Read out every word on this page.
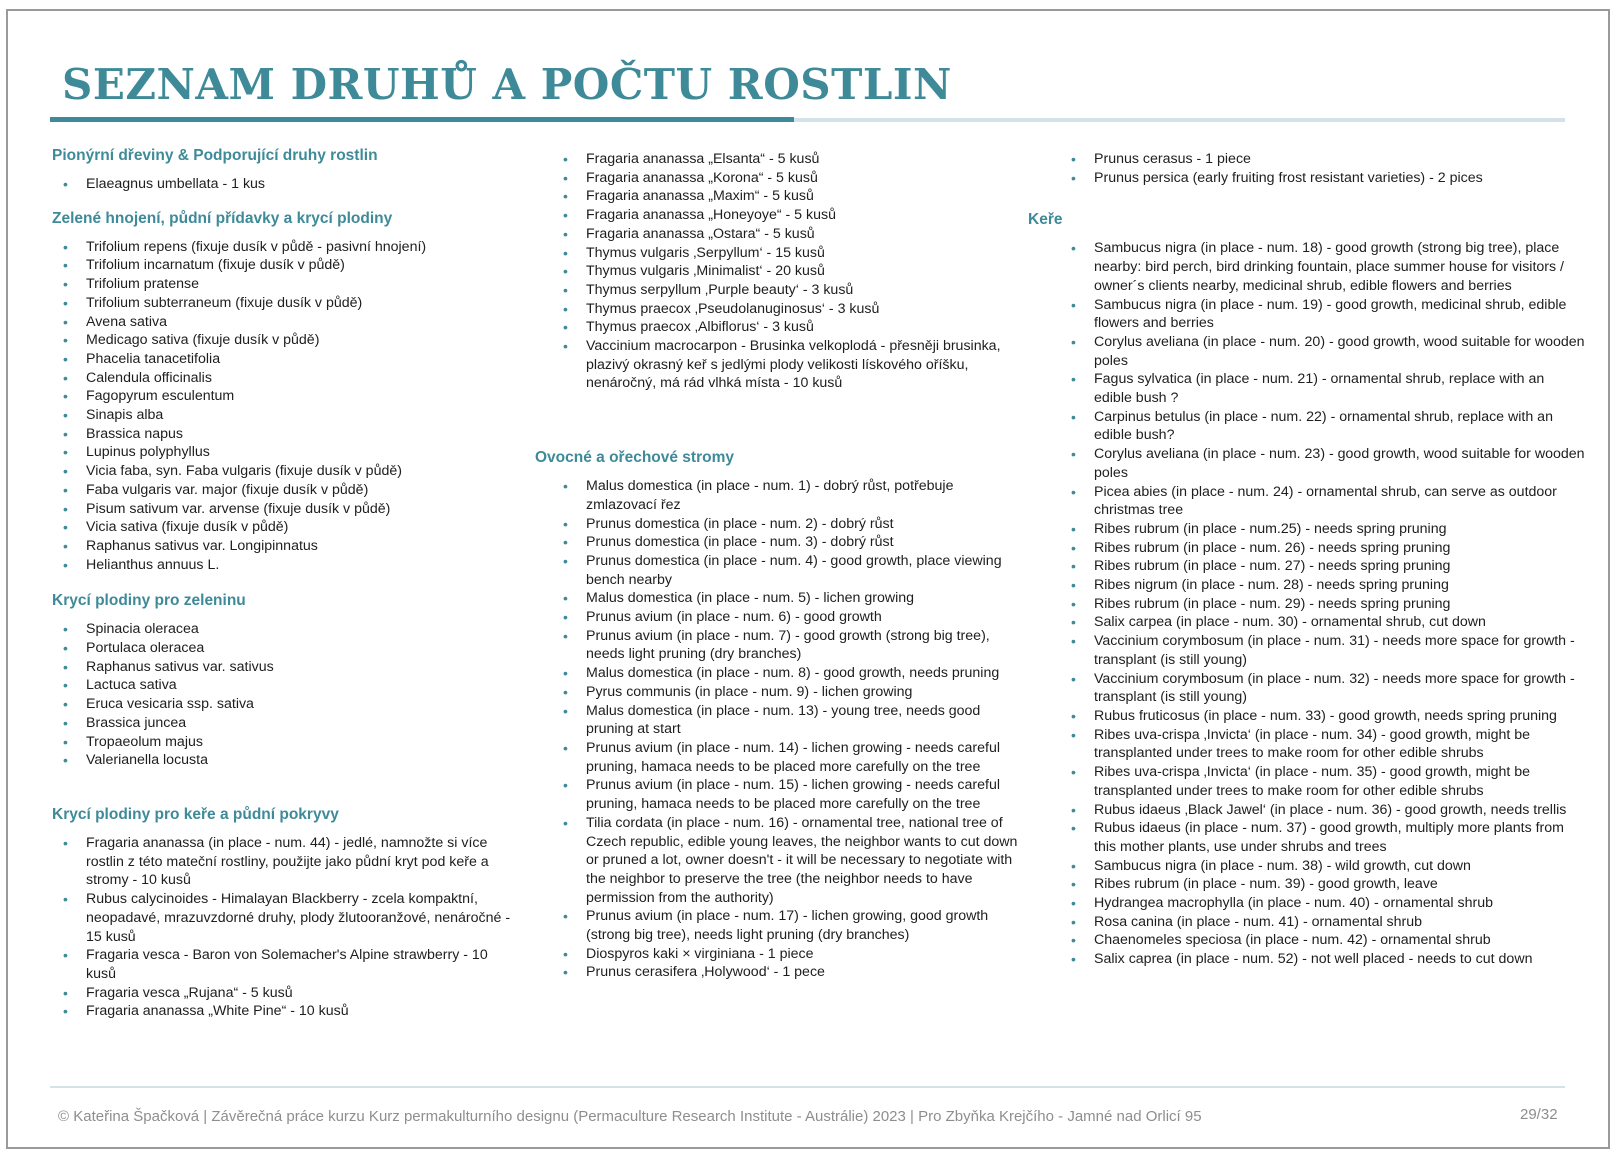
SEZNAM DRUHŮ A POČTU ROSTLIN
Pionýrní dřeviny & Podporující druhy rostlin
• Elaeagnus umbellata - 1 kus
Zelené hnojení, půdní přídavky a krycí plodiny
• Trifolium repens (fixuje dusík v půdě - pasivní hnojení)
• Trifolium incarnatum (fixuje dusík v půdě)
• Trifolium pratense
• Trifolium subterraneum (fixuje dusík v půdě)
• Avena sativa
• Medicago sativa (fixuje dusík v půdě)
• Phacelia tanacetifolia
• Calendula officinalis
• Fagopyrum esculentum
• Sinapis alba
• Brassica napus
• Lupinus polyphyllus
• Vicia faba, syn. Faba vulgaris (fixuje dusík v půdě)
• Faba vulgaris var. major (fixuje dusík v půdě)
• Pisum sativum var. arvense (fixuje dusík v půdě)
• Vicia sativa (fixuje dusík v půdě)
• Raphanus sativus var. Longipinnatus
• Helianthus annuus L.
Krycí plodiny pro zeleninu
• Spinacia oleracea
• Portulaca oleracea
• Raphanus sativus var. sativus
• Lactuca sativa
• Eruca vesicaria ssp. sativa
• Brassica juncea
• Tropaeolum majus
• Valerianella locusta
Krycí plodiny pro keře a půdní pokryvy
• Fragaria ananassa (in place - num. 44) - jedlé, namnožte si více rostlin z této mateční rostliny, použijte jako půdní kryt pod keře a stromy - 10 kusů
• Rubus calycinoides - Himalayan Blackberry - zcela kompaktní, neopadavé, mrazuvzdorné druhy, plody žlutooranžové, nenáročné - 15 kusů
• Fragaria vesca - Baron von Solemacher's Alpine strawberry - 10 kusů
• Fragaria vesca „Rujana“ - 5 kusů
• Fragaria ananassa „White Pine“ - 10 kusů
• Fragaria ananassa „Elsanta“ - 5 kusů
• Fragaria ananassa „Korona“ - 5 kusů
• Fragaria ananassa „Maxim“ - 5 kusů
• Fragaria ananassa „Honeyoye“ - 5 kusů
• Fragaria ananassa „Ostara“ - 5 kusů
• Thymus vulgaris ‚Serpyllum‘ - 15 kusů
• Thymus vulgaris ‚Minimalist‘ - 20 kusů
• Thymus serpyllum ‚Purple beauty‘ - 3 kusů
• Thymus praecox ‚Pseudolanuginosus‘ - 3 kusů
• Thymus praecox ‚Albiflorus‘ - 3 kusů
• Vaccinium macrocarpon - Brusinka velkoplodá - přesněji brusinka, plazivý okrasný keř s jedlými plody velikosti lískového oříšku, nenáročný, má rád vlhká místa - 10 kusů
Ovocné a ořechové stromy
• Malus domestica (in place - num. 1) - dobrý růst, potřebuje zmlazovací řez
• Prunus domestica (in place - num. 2) - dobrý růst
• Prunus domestica (in place - num. 3) - dobrý růst
• Prunus domestica (in place - num. 4) - good growth, place viewing bench nearby
• Malus domestica (in place - num. 5) - lichen growing
• Prunus avium (in place - num. 6) - good growth
• Prunus avium (in place - num. 7) - good growth (strong big tree), needs light pruning (dry branches)
• Malus domestica (in place - num. 8) - good growth, needs pruning
• Pyrus communis (in place - num. 9) - lichen growing
• Malus domestica (in place - num. 13) - young tree, needs good pruning at start
• Prunus avium (in place - num. 14) - lichen growing - needs careful pruning, hamaca needs to be placed more carefully on the tree
• Prunus avium (in place - num. 15) - lichen growing - needs careful pruning, hamaca needs to be placed more carefully on the tree
• Tilia cordata (in place - num. 16) - ornamental tree, national tree of Czech republic, edible young leaves, the neighbor wants to cut down or pruned a lot, owner doesn't - it will be necessary to negotiate with the neighbor to preserve the tree (the neighbor needs to have permission from the authority)
• Prunus avium (in place - num. 17) - lichen growing, good growth (strong big tree), needs light pruning (dry branches)
• Diospyros kaki × virginiana - 1 piece
• Prunus cerasifera ‚Holywood‘ - 1 pece
• Prunus cerasus - 1 piece
• Prunus persica (early fruiting frost resistant varieties) - 2 pices
Keře
• Sambucus nigra (in place - num. 18) - good growth (strong big tree), place nearby: bird perch, bird drinking fountain, place summer house for visitors / owner´s clients nearby, medicinal shrub, edible flowers and berries
• Sambucus nigra (in place - num. 19) - good growth, medicinal shrub, edible flowers and berries
• Corylus aveliana (in place - num. 20) - good growth, wood suitable for wooden poles
• Fagus sylvatica (in place - num. 21) - ornamental shrub, replace with an edible bush ?
• Carpinus betulus (in place - num. 22) - ornamental shrub, replace with an edible bush?
• Corylus aveliana (in place - num. 23) - good growth, wood suitable for wooden poles
• Picea abies (in place - num. 24) - ornamental shrub, can serve as outdoor christmas tree
• Ribes rubrum (in place - num.25) - needs spring pruning
• Ribes rubrum (in place - num. 26) - needs spring pruning
• Ribes rubrum (in place - num. 27) - needs spring pruning
• Ribes nigrum (in place - num. 28) - needs spring pruning
• Ribes rubrum (in place - num. 29) - needs spring pruning
• Salix carpea (in place - num. 30) - ornamental shrub, cut down
• Vaccinium corymbosum (in place - num. 31) - needs more space for growth - transplant (is still young)
• Vaccinium corymbosum (in place - num. 32) - needs more space for growth - transplant (is still young)
• Rubus fruticosus (in place - num. 33) - good growth, needs spring pruning
• Ribes uva-crispa ‚Invicta‘ (in place - num. 34) - good growth, might be transplanted under trees to make room for other edible shrubs
• Ribes uva-crispa ‚Invicta‘ (in place - num. 35) - good growth, might be transplanted under trees to make room for other edible shrubs
• Rubus idaeus ‚Black Jawel‘ (in place - num. 36) - good growth, needs trellis
• Rubus idaeus (in place - num. 37) - good growth, multiply more plants from this mother plants, use under shrubs and trees
• Sambucus nigra (in place - num. 38) - wild growth, cut down
• Ribes rubrum (in place - num. 39) - good growth, leave
• Hydrangea macrophylla (in place - num. 40) - ornamental shrub
• Rosa canina (in place - num. 41) - ornamental shrub
• Chaenomeles speciosa (in place - num. 42) - ornamental shrub
• Salix caprea (in place - num. 52) - not well placed - needs to cut down
© Kateřina Špačková | Závěrečná práce kurzu Kurz permakulturního designu (Permaculture Research Institute - Austrálie) 2023 | Pro Zbyňka Krejčího - Jamné nad Orlicí 95	29/32
